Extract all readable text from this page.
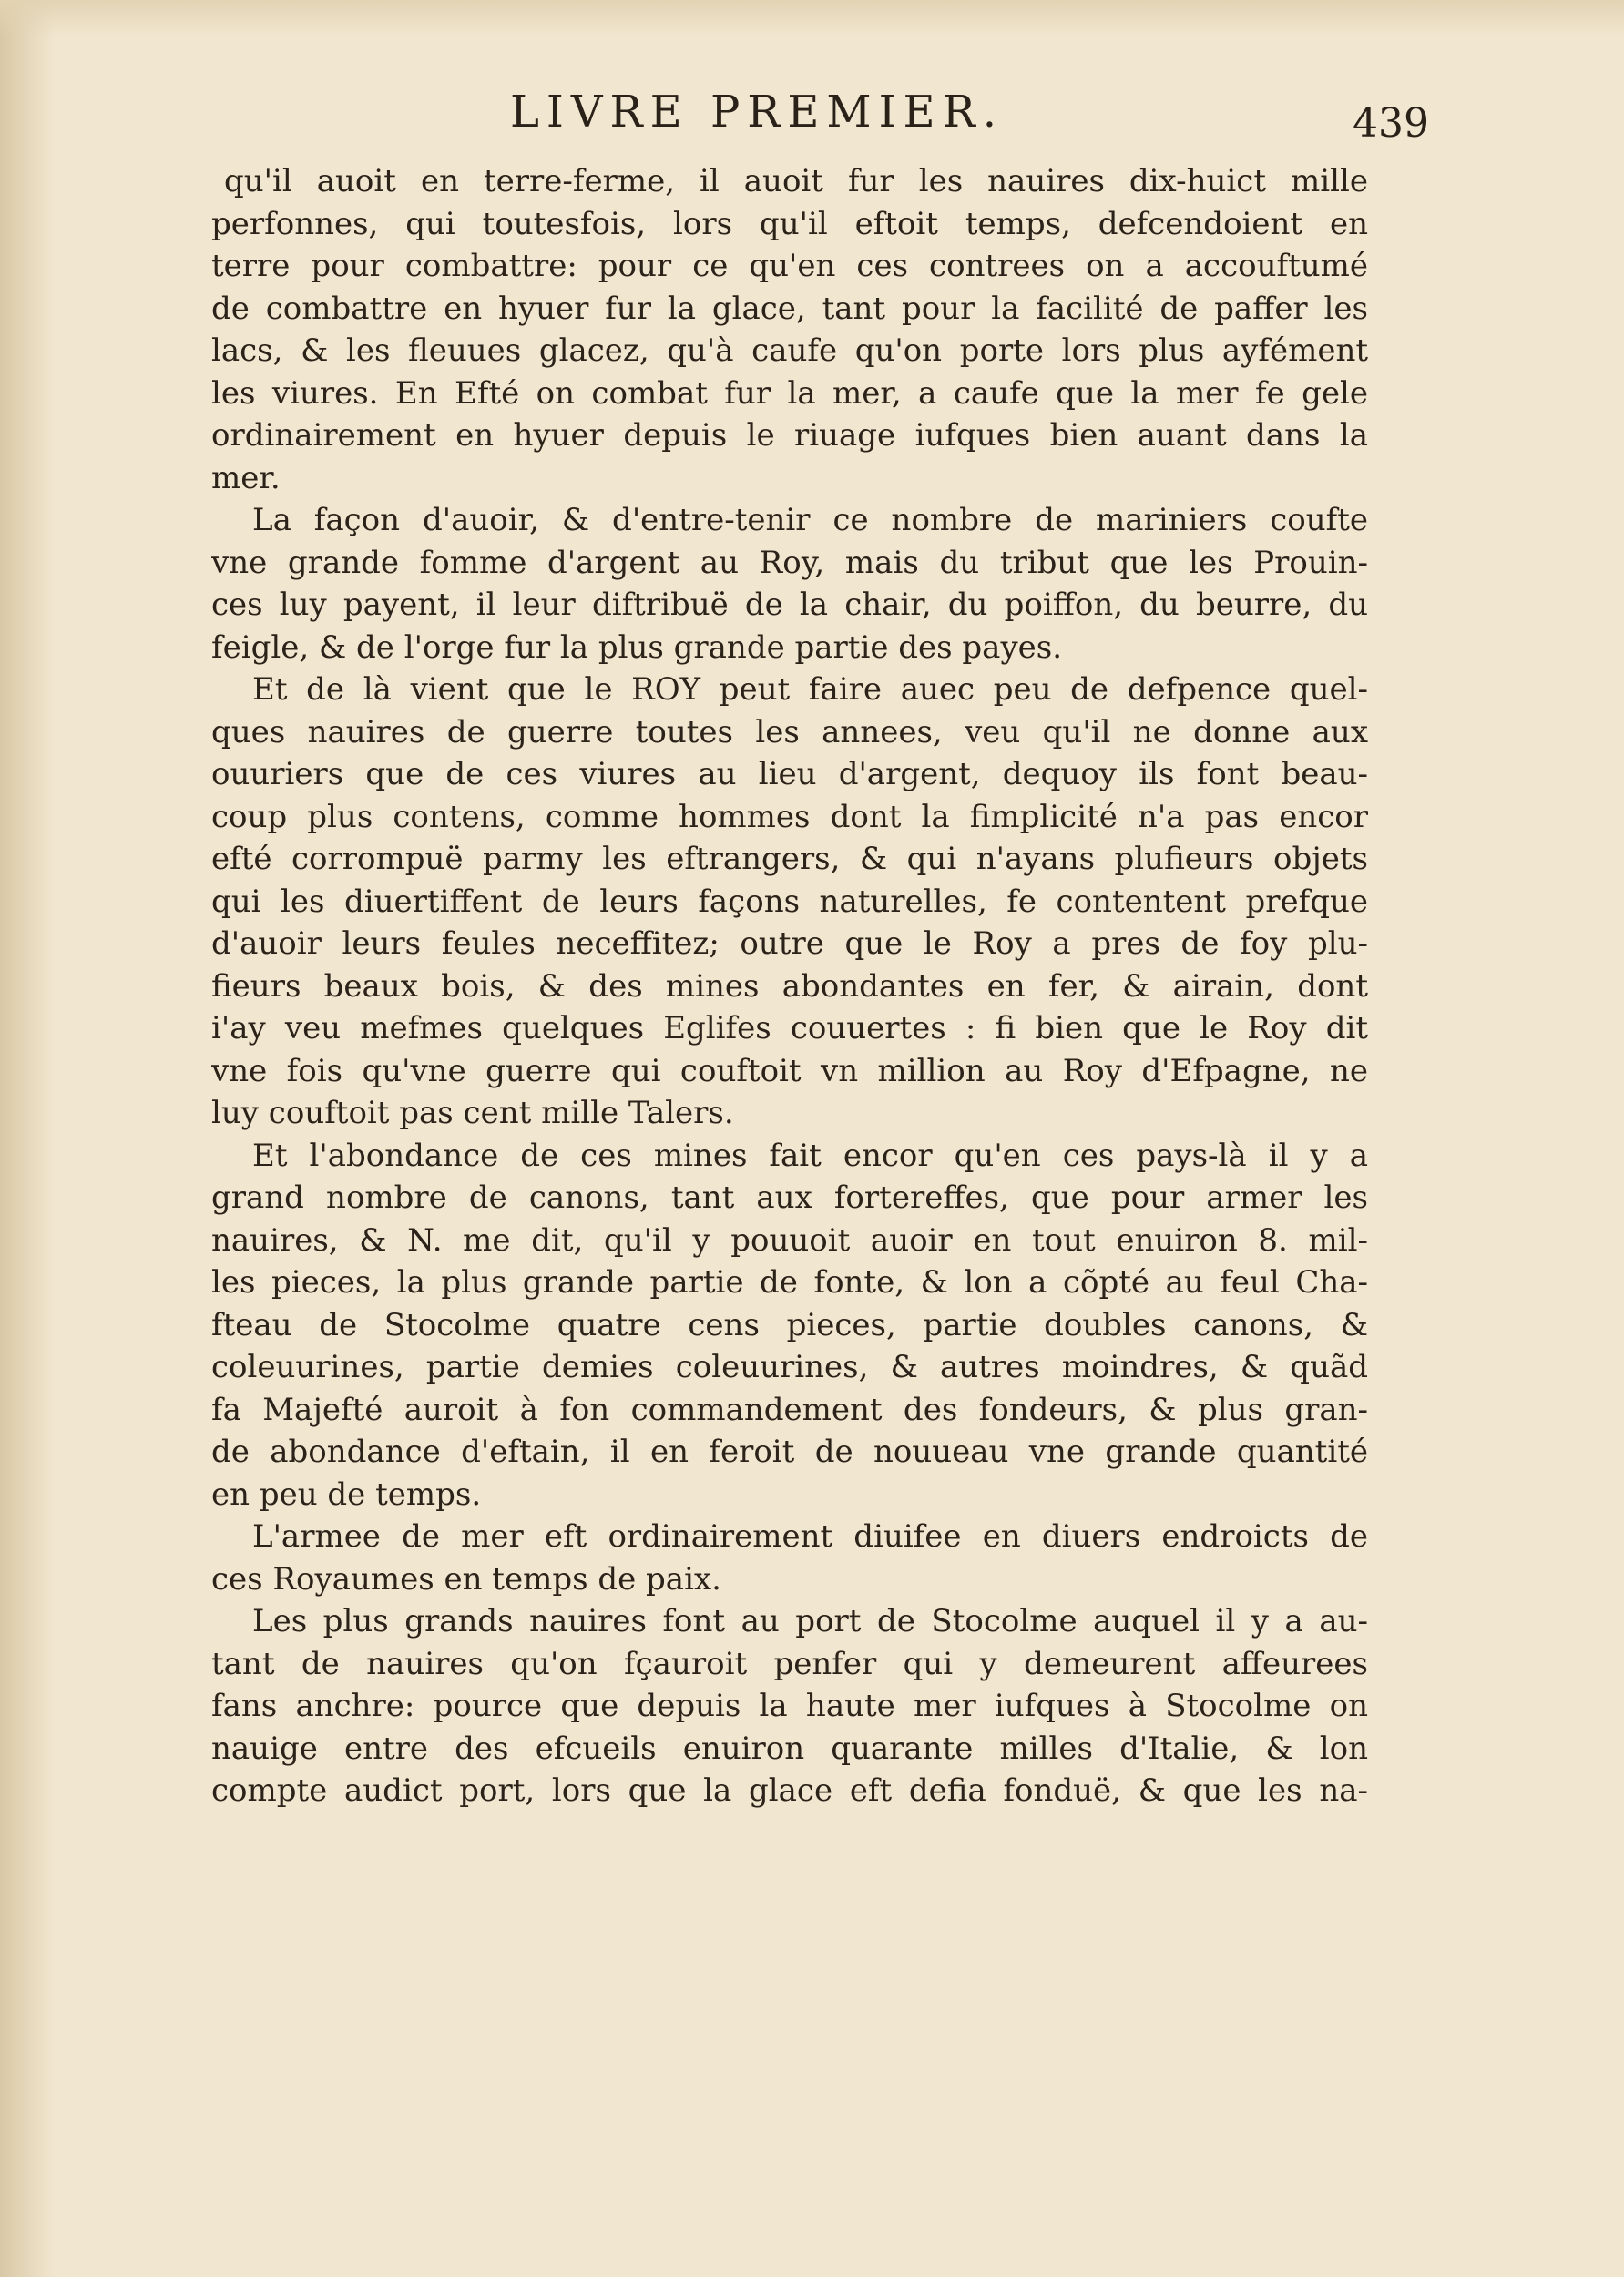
LIVRE PREMIER.	439
qu'il auoit en terre-ferme, il auoit fur les nauires dix-huict mille
perfonnes, qui toutesfois, lors qu'il eftoit temps, defcendoient en
terre pour combattre: pour ce qu'en ces contrees on a accouftumé
de combattre en hyuer fur la glace, tant pour la facilité de paffer les
lacs, & les fleuues glacez, qu'à caufe qu'on porte lors plus ayfément
les viures. En Efté on combat fur la mer, a caufe que la mer fe gele
ordinairement en hyuer depuis le riuage iufques bien auant dans la
mer.
La façon d'auoir, & d'entre-tenir ce nombre de mariniers coufte
vne grande fomme d'argent au Roy, mais du tribut que les Prouin-
ces luy payent, il leur diftribuë de la chair, du poiffon, du beurre, du
feigle, & de l'orge fur la plus grande partie des payes.
Et de là vient que le ROY peut faire auec peu de defpence quel-
ques nauires de guerre toutes les annees, veu qu'il ne donne aux
ouuriers que de ces viures au lieu d'argent, dequoy ils font beau-
coup plus contens, comme hommes dont la fimplicité n'a pas encor
efté corrompuë parmy les eftrangers, & qui n'ayans plufieurs objets
qui les diuertiffent de leurs façons naturelles, fe contentent prefque
d'auoir leurs feules neceffitez; outre que le Roy a pres de foy plu-
fieurs beaux bois, & des mines abondantes en fer, & airain, dont
i'ay veu mefmes quelques Eglifes couuertes : fi bien que le Roy dit
vne fois qu'vne guerre qui couftoit vn million au Roy d'Efpagne, ne
luy couftoit pas cent mille Talers.
Et l'abondance de ces mines fait encor qu'en ces pays-là il y a
grand nombre de canons, tant aux fortereffes, que pour armer les
nauires, & N. me dit, qu'il y pouuoit auoir en tout enuiron 8. mil-
les pieces, la plus grande partie de fonte, & lon a cõpté au feul Cha-
fteau de Stocolme quatre cens pieces, partie doubles canons, &
coleuurines, partie demies coleuurines, & autres moindres, & quãd
fa Majefté auroit à fon commandement des fondeurs, & plus gran-
de abondance d'eftain, il en feroit de nouueau vne grande quantité
en peu de temps.
L'armee de mer eft ordinairement diuifee en diuers endroicts de
ces Royaumes en temps de paix.
Les plus grands nauires font au port de Stocolme auquel il y a au-
tant de nauires qu'on fçauroit penfer qui y demeurent affeurees
fans anchre: pource que depuis la haute mer iufques à Stocolme on
nauige entre des efcueils enuiron quarante milles d'Italie, & lon
compte audict port, lors que la glace eft defia fonduë, & que les na-
